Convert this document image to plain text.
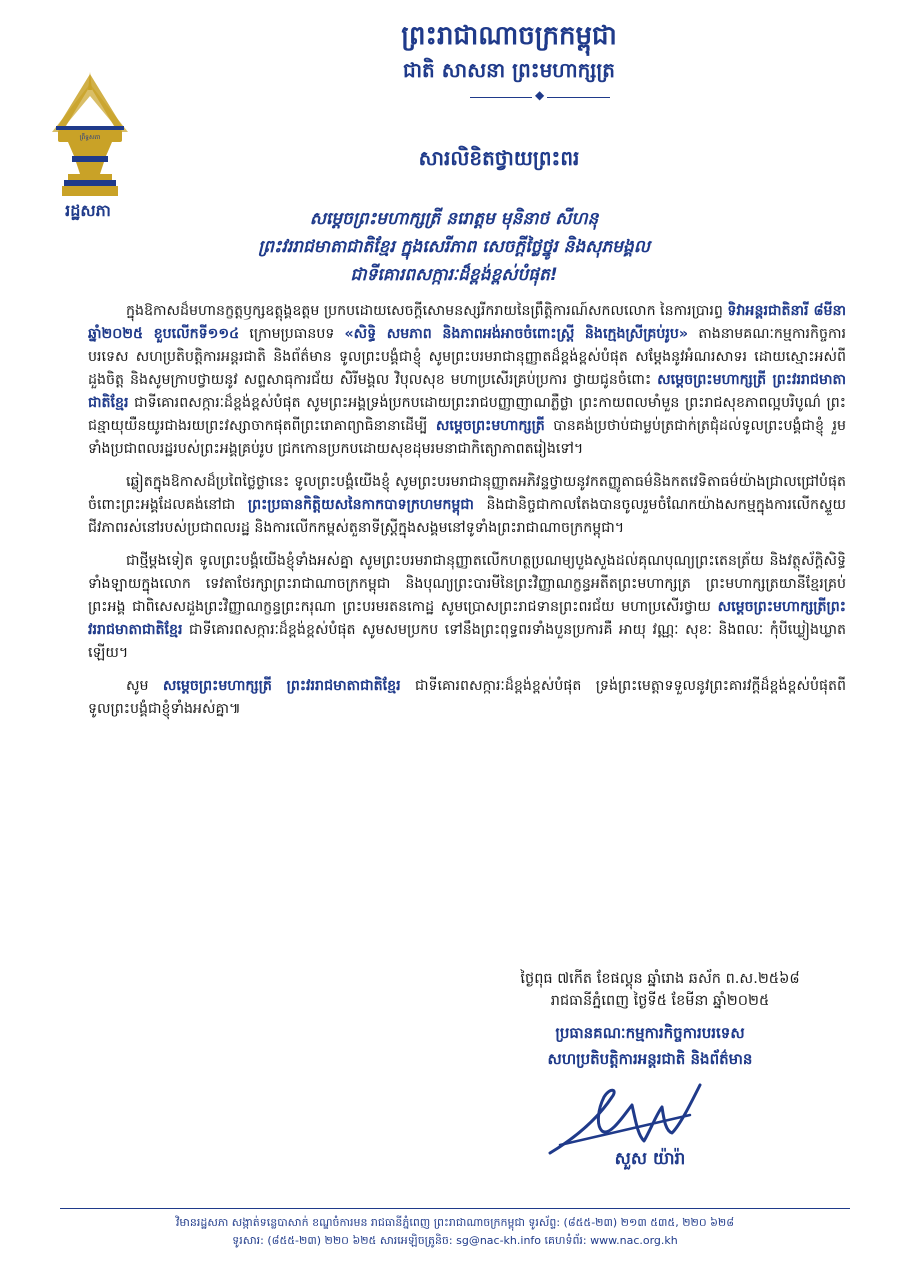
ព្រះរាជាណាចក្រកម្ពុជា
ជាតិ សាសនា ព្រះមហាក្សត្រ
◆
ព្រឹទ្ធសភា
រដ្ឋសភា
សារលិខិតថ្វាយព្រះពរ
សម្តេចព្រះមហាក្សត្រី នរោត្តម មុនិនាថ សីហនុ
ព្រះវររាជមាតាជាតិខ្មែរ ក្នុងសេរីភាព សេចក្តីថ្លៃថ្នូរ និងសុភមង្គល
ជាទីគោរពសក្ការៈដ៏ខ្ពង់ខ្ពស់បំផុត!

ក្នុងឱកាសដ៏មហានក្ខត្តឫក្សឧត្តុង្គឧត្តម ប្រកបដោយសេចក្តីសោមនស្សរីករាយនៃព្រឹត្តិការណ៍សកលលោក នៃការប្រារព្ធ ទិវាអន្តរជាតិនារី ៨មីនា ឆ្នាំ២០២៥ ខួបលើកទី១១៤ ក្រោមប្រធានបទ «សិទ្ធិ សមភាព និងភាពអង់អាចចំពោះស្ត្រី និងក្មេងស្រីគ្រប់រូប» តាងនាមគណៈកម្មការកិច្ចការបរទេស សហប្រតិបត្តិការអន្តរជាតិ និងព័ត៌មាន ទូលព្រះបង្គំជាខ្ញុំ សូមព្រះបរមរាជានុញ្ញាតដ៏ខ្ពង់ខ្ពស់បំផុត សម្តែងនូវអំណរសាទរ ដោយស្មោះអស់ពីដួងចិត្ត និងសូមក្រាបថ្វាយនូវ សព្ទសាធុការជ័យ សិរីមង្គល វិបុលសុខ មហាប្រសើរគ្រប់ប្រការ ថ្វាយជូនចំពោះ សម្តេចព្រះមហាក្សត្រី ព្រះវររាជមាតាជាតិខ្មែរ ជាទីគោរពសក្ការៈដ៏ខ្ពង់ខ្ពស់បំផុត សូមព្រះអង្គទ្រង់ប្រកបដោយព្រះរាជបញ្ញាញាណភ្លឺថ្លា ព្រះកាយពលមាំមួន ព្រះរាជសុខភាពល្អបរិបូណ៌ ព្រះជន្មាយុយឺនយូរជាងរយព្រះវស្សាចាកផុតពីព្រះរោគាព្យាធិនានាដើម្បី សម្តេចព្រះមហាក្សត្រី បានគង់ប្រថាប់ជាម្លប់ត្រជាក់ត្រជុំដល់ទូលព្រះបង្គំជាខ្ញុំ រួមទាំងប្រជាពលរដ្ឋរបស់ព្រះអង្គគ្រប់រូប ជ្រកកោនប្រកបដោយសុខដុមរមនាជាកិត្យោភាពតរៀងទៅ។

ឆ្លៀតក្នុងឱកាសដ៏ប្រពៃថ្លៃថ្លានេះ ទូលព្រះបង្គំយើងខ្ញុំ សូមព្រះបរមរាជានុញ្ញាតអភិវន្ទថ្វាយនូវកតញ្ញូតាធម៌និងកតវេទិតាធម៌យ៉ាងជ្រាលជ្រៅបំផុត ចំពោះព្រះអង្គដែលគង់នៅជា ព្រះប្រធានកិត្តិយសនៃកាកបាទក្រហមកម្ពុជា និងជានិច្ចជាកាលតែងបានចូលរួមចំណែកយ៉ាងសកម្មក្នុងការលើកស្ទួយជីវភាពរស់នៅរបស់ប្រជាពលរដ្ឋ និងការលើកកម្ពស់តួនាទីស្ត្រីក្នុងសង្គមនៅទូទាំងព្រះរាជាណាចក្រកម្ពុជា។

ជាថ្មីម្តងទៀត ទូលព្រះបង្គំយើងខ្ញុំទាំងអស់គ្នា សូមព្រះបរមរាជានុញ្ញាតលើកហត្ថប្រណម្យបួងសួងដល់គុណបុណ្យព្រះតេនត្រ័យ និងវត្ថុស័ក្តិសិទ្ធិទាំងឡាយក្នុងលោក ទេវតាថែរក្សាព្រះរាជាណាចក្រកម្ពុជា និងបុណ្យព្រះបារមីនៃព្រះវិញ្ញាណក្ខន្ធអតីតព្រះមហាក្សត្រ ព្រះមហាក្សត្រយានីខ្មែរគ្រប់ព្រះអង្គ ជាពិសេសដួងព្រះវិញ្ញាណក្ខន្ធព្រះករុណា ព្រះបរមរតនកោដ្ឋ សូមប្រោសព្រះរាជទានព្រះពរជ័យ មហាប្រសើរថ្វាយ សម្តេចព្រះមហាក្សត្រីព្រះវររាជមាតាជាតិខ្មែរ ជាទីគោរពសក្ការៈដ៏ខ្ពង់ខ្ពស់បំផុត សូមសមប្រកប ទៅនឹងព្រះពុទ្ធពរទាំងបួនប្រការគឺ អាយុ វណ្ណៈ សុខៈ និងពលៈ កុំបីឃ្លៀងឃ្លាតឡើយ។

សូម សម្តេចព្រះមហាក្សត្រី ព្រះវររាជមាតាជាតិខ្មែរ ជាទីគោរពសក្ការៈដ៏ខ្ពង់ខ្ពស់បំផុត ទ្រង់ព្រះមេត្តាទទួលនូវព្រះគារវក្តីដ៏ខ្ពង់ខ្ពស់បំផុតពីទូលព្រះបង្គំជាខ្ញុំទាំងអស់គ្នា៕

ថ្ងៃពុធ ៧កើត ខែផល្គុន ឆ្នាំរោង ឆស័ក ព.ស.២៥៦៨
រាជធានីភ្នំពេញ ថ្ងៃទី៥ ខែមីនា ឆ្នាំ២០២៥
ប្រធានគណៈកម្មការកិច្ចការបរទេស
សហប្រតិបត្តិការអន្តរជាតិ និងព័ត៌មាន
សួស យ៉ារ៉ា
វិមានរដ្ឋសភា សង្កាត់ទន្លេបាសាក់ ខណ្ឌចំការមន រាជធានីភ្នំពេញ ព្រះរាជាណាចក្រកម្ពុជា ទូរស័ព្ទ: (៨៥៥-២៣) ២១៣ ៥៣៥, ២២០ ៦២៨
ទូរសារ: (៨៥៥-២៣) ២២០ ៦២៥ សារអេឡិចត្រូនិច: sg@nac-kh.info គេហទំព័រ: www.nac.org.kh
